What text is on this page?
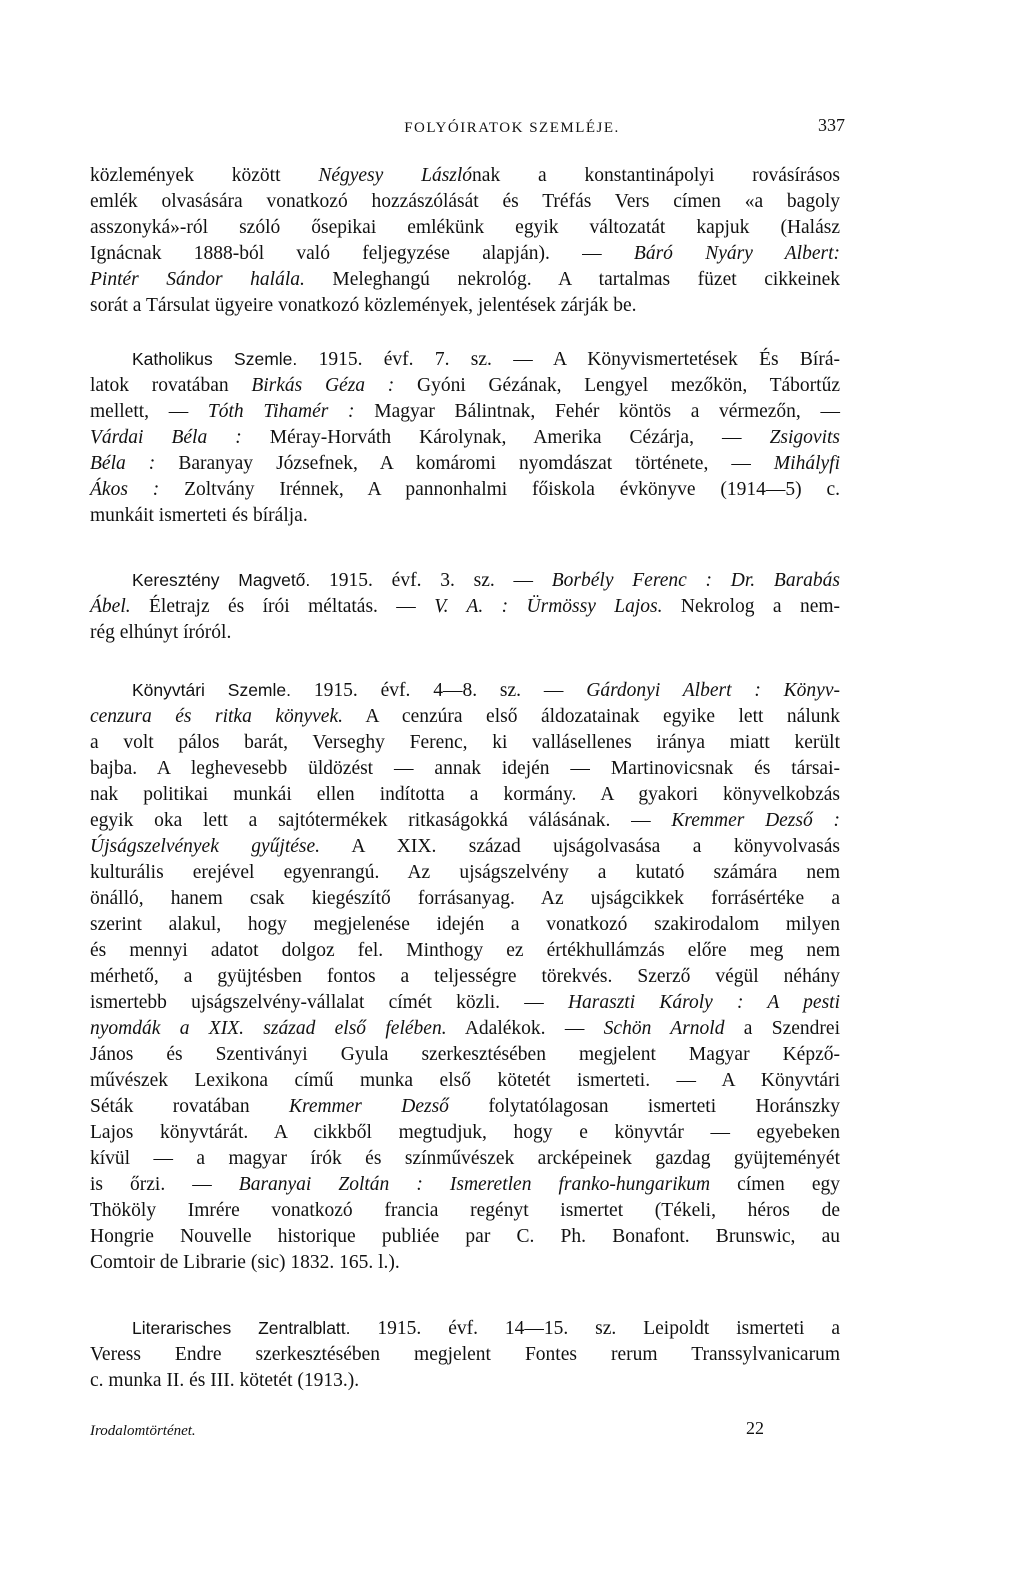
FOLYÓIRATOK SZEMLÉJE.	337
közlemények között Négyesy Lászlónak a konstantinápolyi rovásírásos
emlék olvasására vonatkozó hozzászólását és Tréfás Vers címen «a bagoly
asszonyká»-ról szóló ősepikai emlékünk egyik változatát kapjuk (Halász
Ignácnak 1888-ból való feljegyzése alapján). — Báró Nyáry Albert:
Pintér Sándor halála. Meleghangú nekrológ. A tartalmas füzet cikkeinek
sorát a Társulat ügyeire vonatkozó közlemények, jelentések zárják be.
Katholikus Szemle. 1915. évf. 7. sz. — A Könyvismertetések És Bírá-
latok rovatában Birkás Géza : Gyóni Gézának, Lengyel mezőkön, Tábortűz
mellett, — Tóth Tihamér : Magyar Bálintnak, Fehér köntös a vérmezőn, —
Várdai Béla : Méray-Horváth Károlynak, Amerika Cézárja, — Zsigovits
Béla : Baranyay Józsefnek, A komáromi nyomdászat története, — Mihályfi
Ákos : Zoltvány Irénnek, A pannonhalmi főiskola évkönyve (1914—5) c.
munkáit ismerteti és bírálja.
Keresztény Magvető. 1915. évf. 3. sz. — Borbély Ferenc : Dr. Barabás
Ábel. Életrajz és írói méltatás. — V. A. : Ürmössy Lajos. Nekrolog a nem-
rég elhúnyt íróról.
Könyvtári Szemle. 1915. évf. 4—8. sz. — Gárdonyi Albert : Könyv-
cenzura és ritka könyvek. A cenzúra első áldozatainak egyike lett nálunk
a volt pálos barát, Verseghy Ferenc, ki vallásellenes iránya miatt került
bajba. A leghevesebb üldözést — annak idején — Martinovicsnak és társai-
nak politikai munkái ellen indította a kormány. A gyakori könyvelkobzás
egyik oka lett a sajtótermékek ritkaságokká válásának. — Kremmer Dezső :
Újságszelvények gyűjtése. A XIX. század ujságolvasása a könyvolvasás
kulturális erejével egyenrangú. Az ujságszelvény a kutató számára nem
önálló, hanem csak kiegészítő forrásanyag. Az ujságcikkek forrásértéke a
szerint alakul, hogy megjelenése idején a vonatkozó szakirodalom milyen
és mennyi adatot dolgoz fel. Minthogy ez értékhullámzás előre meg nem
mérhető, a gyüjtésben fontos a teljességre törekvés. Szerző végül néhány
ismertebb ujságszelvény-vállalat címét közli. — Haraszti Károly : A pesti
nyomdák a XIX. század első felében. Adalékok. — Schön Arnold a Szendrei
János és Szentiványi Gyula szerkesztésében megjelent Magyar Képző-
művészek Lexikona című munka első kötetét ismerteti. — A Könyvtári
Séták rovatában Kremmer Dezső folytatólagosan ismerteti Horánszky
Lajos könyvtárát. A cikkből megtudjuk, hogy e könyvtár — egyebeken
kívül — a magyar írók és színművészek arcképeinek gazdag gyüjteményét
is őrzi. — Baranyai Zoltán : Ismeretlen franko-hungarikum címen egy
Thököly Imrére vonatkozó francia regényt ismertet (Tékeli, héros de
Hongrie Nouvelle historique publiée par C. Ph. Bonafont. Brunswic, au
Comtoir de Librarie (sic) 1832. 165. l.).
Literarisches Zentralblatt. 1915. évf. 14—15. sz. Leipoldt ismerteti a
Veress Endre szerkesztésében megjelent Fontes rerum Transsylvanicarum
c. munka II. és III. kötetét (1913.).
Irodalomtörténet.	22
